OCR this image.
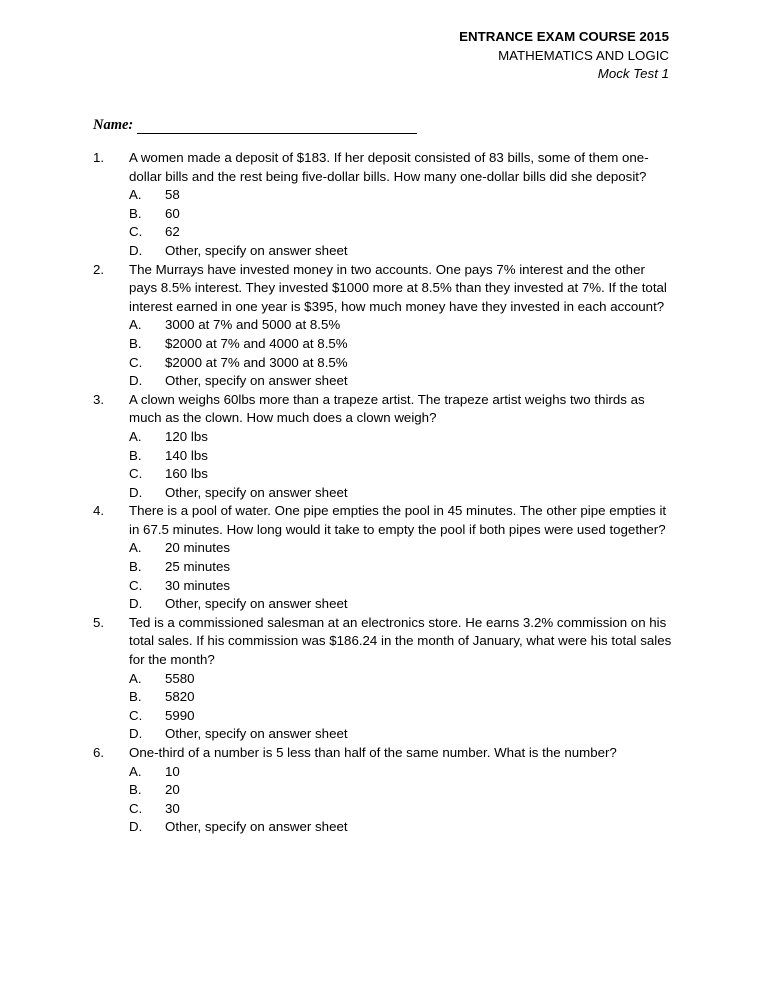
ENTRANCE EXAM COURSE 2015
MATHEMATICS AND LOGIC
Mock Test 1
Name:
1. A women made a deposit of $183. If her deposit consisted of 83 bills, some of them one-dollar bills and the rest being five-dollar bills. How many one-dollar bills did she deposit?
A.	58
B.	60
C.	62
D.	Other, specify on answer sheet
2. The Murrays have invested money in two accounts. One pays 7% interest and the other pays 8.5% interest. They invested $1000 more at 8.5% than they invested at 7%. If the total interest earned in one year is $395, how much money have they invested in each account?
A.	3000 at 7% and 5000 at 8.5%
B.	$2000 at 7% and 4000 at 8.5%
C.	$2000 at 7% and 3000 at 8.5%
D.	Other, specify on answer sheet
3. A clown weighs 60lbs more than a trapeze artist. The trapeze artist weighs two thirds as much as the clown. How much does a clown weigh?
A.	120 lbs
B.	140 lbs
C.	160 lbs
D.	Other, specify on answer sheet
4. There is a pool of water. One pipe empties the pool in 45 minutes. The other pipe empties it in 67.5 minutes. How long would it take to empty the pool if both pipes were used together?
A.	20 minutes
B.	25 minutes
C.	30 minutes
D.	Other, specify on answer sheet
5. Ted is a commissioned salesman at an electronics store. He earns 3.2% commission on his total sales. If his commission was $186.24 in the month of January, what were his total sales for the month?
A.	5580
B.	5820
C.	5990
D.	Other, specify on answer sheet
6. One-third of a number is 5 less than half of the same number. What is the number?
A.	10
B.	20
C.	30
D.	Other, specify on answer sheet
